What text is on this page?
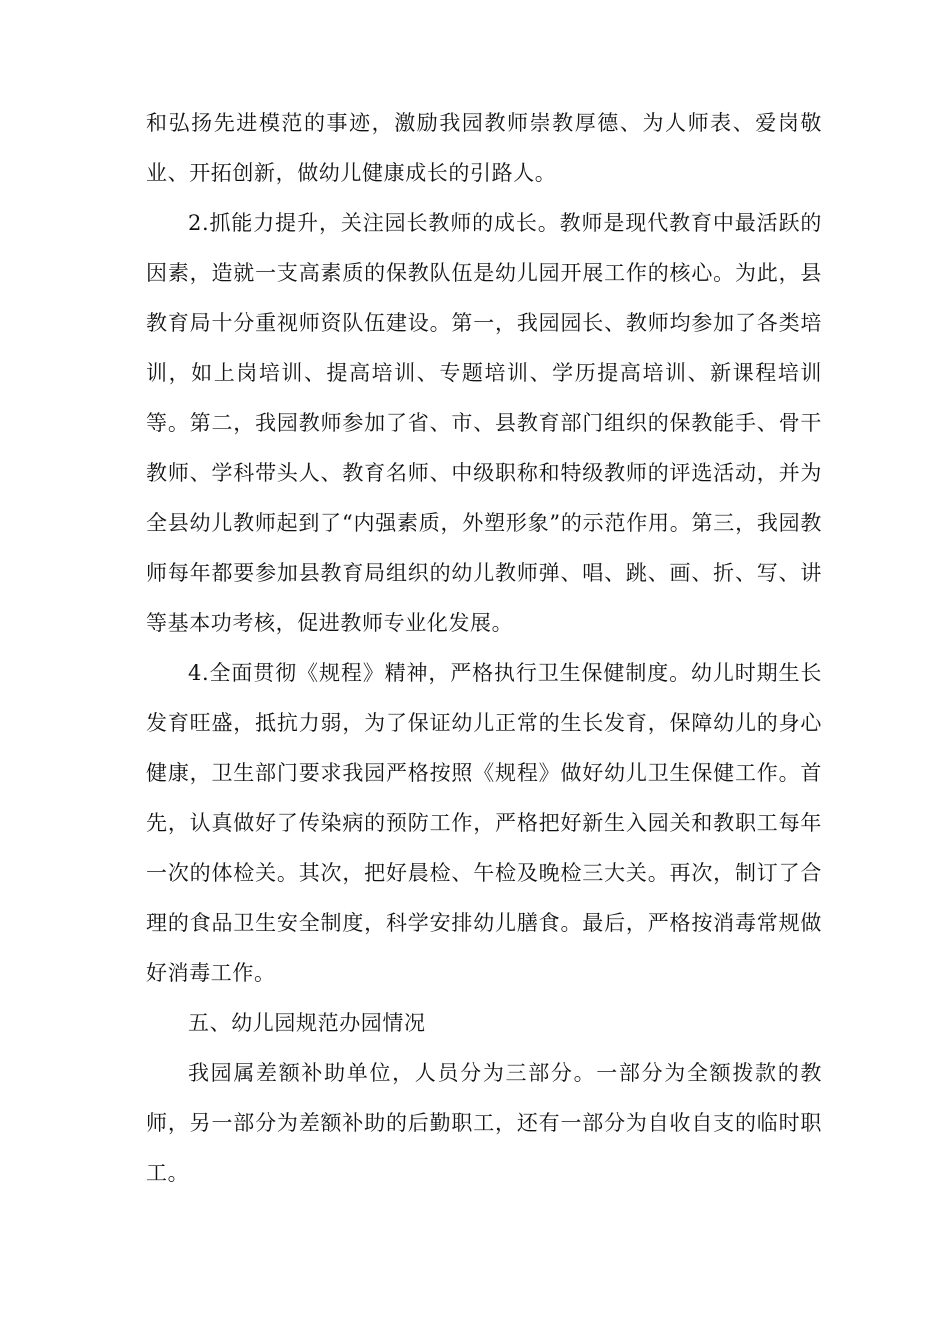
和弘扬先进模范的事迹，激励我园教师崇教厚德、为人师表、爱岗敬业、开拓创新，做幼儿健康成长的引路人。

2.抓能力提升，关注园长教师的成长。教师是现代教育中最活跃的因素，造就一支高素质的保教队伍是幼儿园开展工作的核心。为此，县教育局十分重视师资队伍建设。第一，我园园长、教师均参加了各类培训，如上岗培训、提高培训、专题培训、学历提高培训、新课程培训等。第二，我园教师参加了省、市、县教育部门组织的保教能手、骨干教师、学科带头人、教育名师、中级职称和特级教师的评选活动，并为全县幼儿教师起到了“内强素质，外塑形象”的示范作用。第三，我园教师每年都要参加县教育局组织的幼儿教师弹、唱、跳、画、折、写、讲等基本功考核，促进教师专业化发展。

4.全面贯彻《规程》精神，严格执行卫生保健制度。幼儿时期生长发育旺盛，抵抗力弱，为了保证幼儿正常的生长发育，保障幼儿的身心健康，卫生部门要求我园严格按照《规程》做好幼儿卫生保健工作。首先，认真做好了传染病的预防工作，严格把好新生入园关和教职工每年一次的体检关。其次，把好晨检、午检及晚检三大关。再次，制订了合理的食品卫生安全制度，科学安排幼儿膳食。最后，严格按消毒常规做好消毒工作。

五、幼儿园规范办园情况

我园属差额补助单位，人员分为三部分。一部分为全额拨款的教师，另一部分为差额补助的后勤职工，还有一部分为自收自支的临时职工。
